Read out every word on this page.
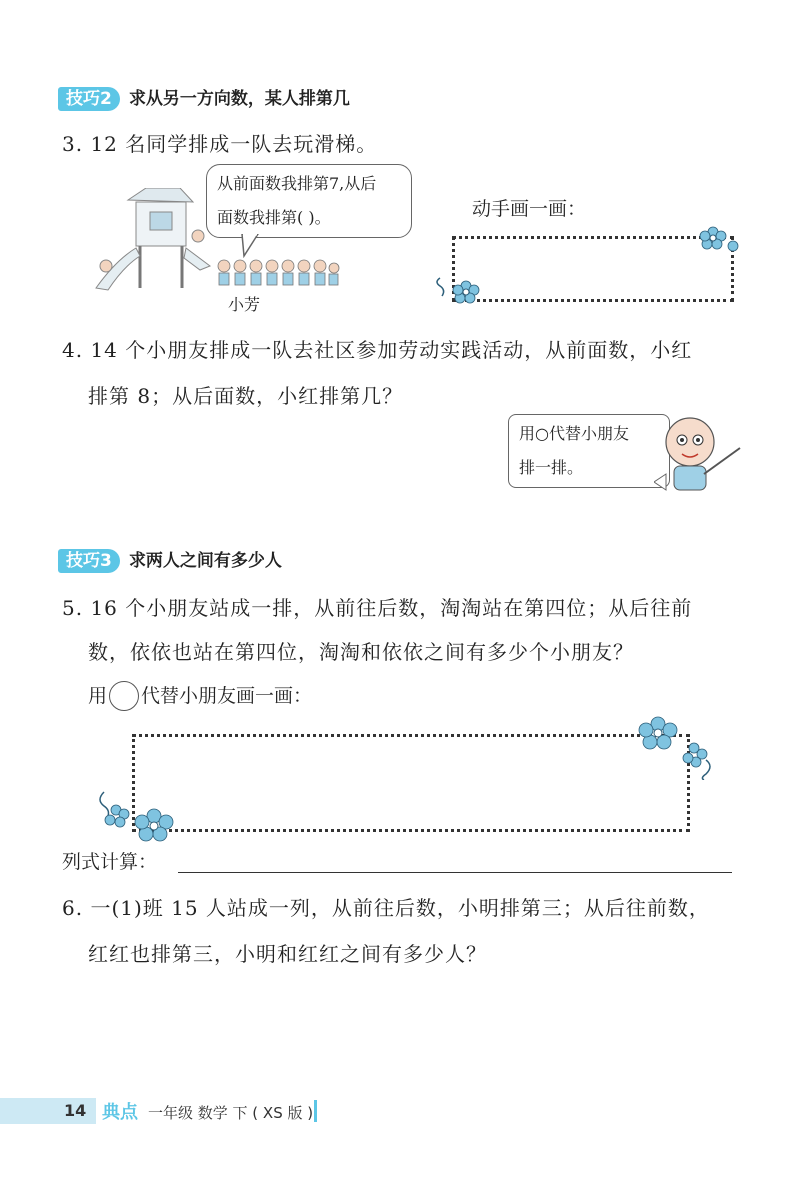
技巧2 求从另一方向数，某人排第几
3. 12 名同学排成一队去玩滑梯。
小芳
从前面数我排第7,从后
面数我排第( )。	动手画一画：
4. 14 个小朋友排成一队去社区参加劳动实践活动，从前面数，小红
排第 8；从后面数，小红排第几？
用○代替小朋友
排一排。
技巧3 求两人之间有多少人
5. 16 个小朋友站成一排，从前往后数，淘淘站在第四位；从后往前
数，依依也站在第四位，淘淘和依依之间有多少个小朋友？
用 代替小朋友画一画：
列式计算：
6. 一(1)班 15 人站成一列，从前往后数，小明排第三；从后往前数，
红红也排第三，小明和红红之间有多少人？
14 典点 一年级 数学 下 ( XS 版 )
